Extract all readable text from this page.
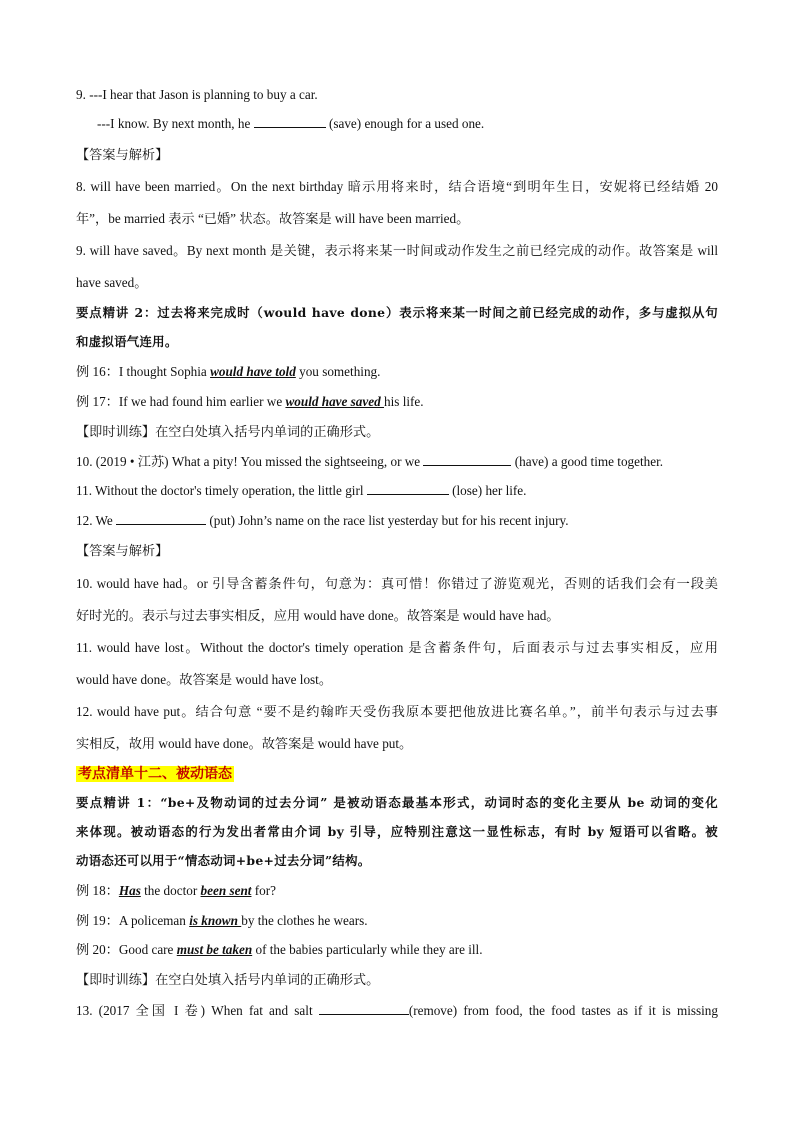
9. ---I hear that Jason is planning to buy a car.
---I know. By next month, he	(save) enough for a used one.
【答案与解析】
8. will have been married。On the next birthday 暗示用将来时，结合语境“到明年生日，安妮将已经结婚 20
年”，be married 表示 “已婚” 状态。故答案是 will have been married。
9. will have saved。By next month 是关键，表示将来某一时间或动作发生之前已经完成的动作。故答案是 will
have saved。
要点精讲 2：过去将来完成时（would have done）表示将来某一时间之前已经完成的动作，多与虚拟从句
和虚拟语气连用。
例 16：I thought Sophia would have told you something.
例 17：If we had found him earlier we would have saved his life.
【即时训练】在空白处填入括号内单词的正确形式。
10. (2019 • 江苏) What a pity! You missed the sightseeing, or we	(have) a good time together.
11. Without the doctor's timely operation, the little girl	(lose) her life.
12. We	(put) John’s name on the race list yesterday but for his recent injury.
【答案与解析】
10. would have had。or 引导含蓄条件句，句意为：真可惜！你错过了游览观光，否则的话我们会有一段美
好时光的。表示与过去事实相反，应用 would have done。故答案是 would have had。
11. would have lost。Without the doctor's timely operation 是含蓄条件句，后面表示与过去事实相反，应用
would have done。故答案是 would have lost。
12. would have put。结合句意 “要不是约翰昨天受伤我原本要把他放进比赛名单。”，前半句表示与过去事
实相反，故用 would have done。故答案是 would have put。
考点清单十二、被动语态
要点精讲 1：“be+及物动词的过去分词” 是被动语态最基本形式，动词时态的变化主要从 be 动词的变化
来体现。被动语态的行为发出者常由介词 by 引导，应特别注意这一显性标志，有时 by 短语可以省略。被
动语态还可以用于“情态动词+be+过去分词”结构。
例 18：Has the doctor been sent for?
例 19：A policeman is known by the clothes he wears.
例 20：Good care must be taken of the babies particularly while they are ill.
【即时训练】在空白处填入括号内单词的正确形式。
13. (2017 全国 I 卷) When fat and salt	(remove) from food, the food tastes as if it is missing
